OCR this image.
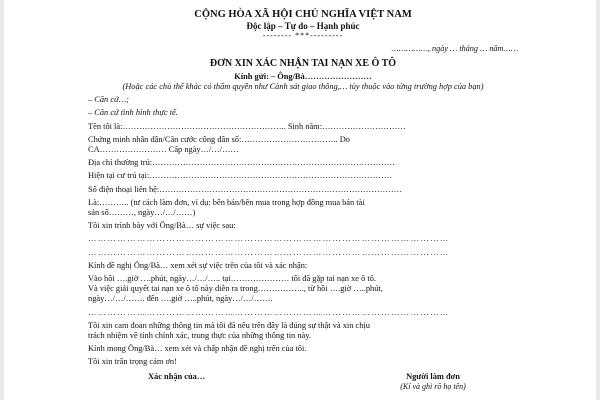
CỘNG HÒA XÃ HỘI CHỦ NGHĨA VIỆT NAM
Độc lập – Tự do – Hạnh phúc
-------- ***---------
……………, ngày … tháng … năm……
ĐƠN XIN XÁC NHẬN TAI NẠN XE Ô TÔ
Kính gửi: – Ông/Bà……………………
(Hoặc các chủ thể khác có thẩm quyền như Cảnh sát giao thông,… tùy thuộc vào từng trường hợp của bạn)
– Căn cứ…;
– Căn cứ tình hình thực tế.
Tên tôi là:………………………………………………….. Sinh năm:…………………………
Chứng minh nhân dân/Căn cước công dân số:…………………………….. Do
CA…………………… Cấp ngày…/…/……
Địa chỉ thường trú:……………………………………………………………………………
Hiện tại cư trú tại:……………………………………………………………………………
Số điện thoại liên hệ:……………………………………………………………………………
Là:……….. (tư cách làm đơn, ví dụ: bên bán/bên mua trong hợp đồng mua bán tài
sản số………, ngày…/…/……)
Tôi xin trình bày với Ông/Bà… sự việc sau:
…………………………………………………………………………………………………
…………………………………………………………………………………………………
Kính đề nghị Ông/Bà… xem xét sự việc trên của tôi và xác nhận:
Vào hồi ….giờ ….phút, ngày…/…/….. tại………………… tôi đã gặp tai nạn xe ô tô.
Và việc giải quyết tai nạn xe ô tô này diễn ra trong…………….., từ hồi ….giờ …..phút,
ngày…/…/……. đến ….giờ …..phút, ngày…/…/…….
…………………………………………………………………………………………………
Tôi xin cam đoan những thông tin mà tôi đã nêu trên đây là đúng sự thật và xin chịu
trách nhiệm về tính chính xác, trung thực của những thông tin này.
Kính mong Ông/Bà… xem xét và chấp nhận đề nghị trên của tôi.
Tôi xin trân trọng cảm ơn!
Xác nhận của…	Người làm đơn
(Kí và ghi rõ họ tên)
